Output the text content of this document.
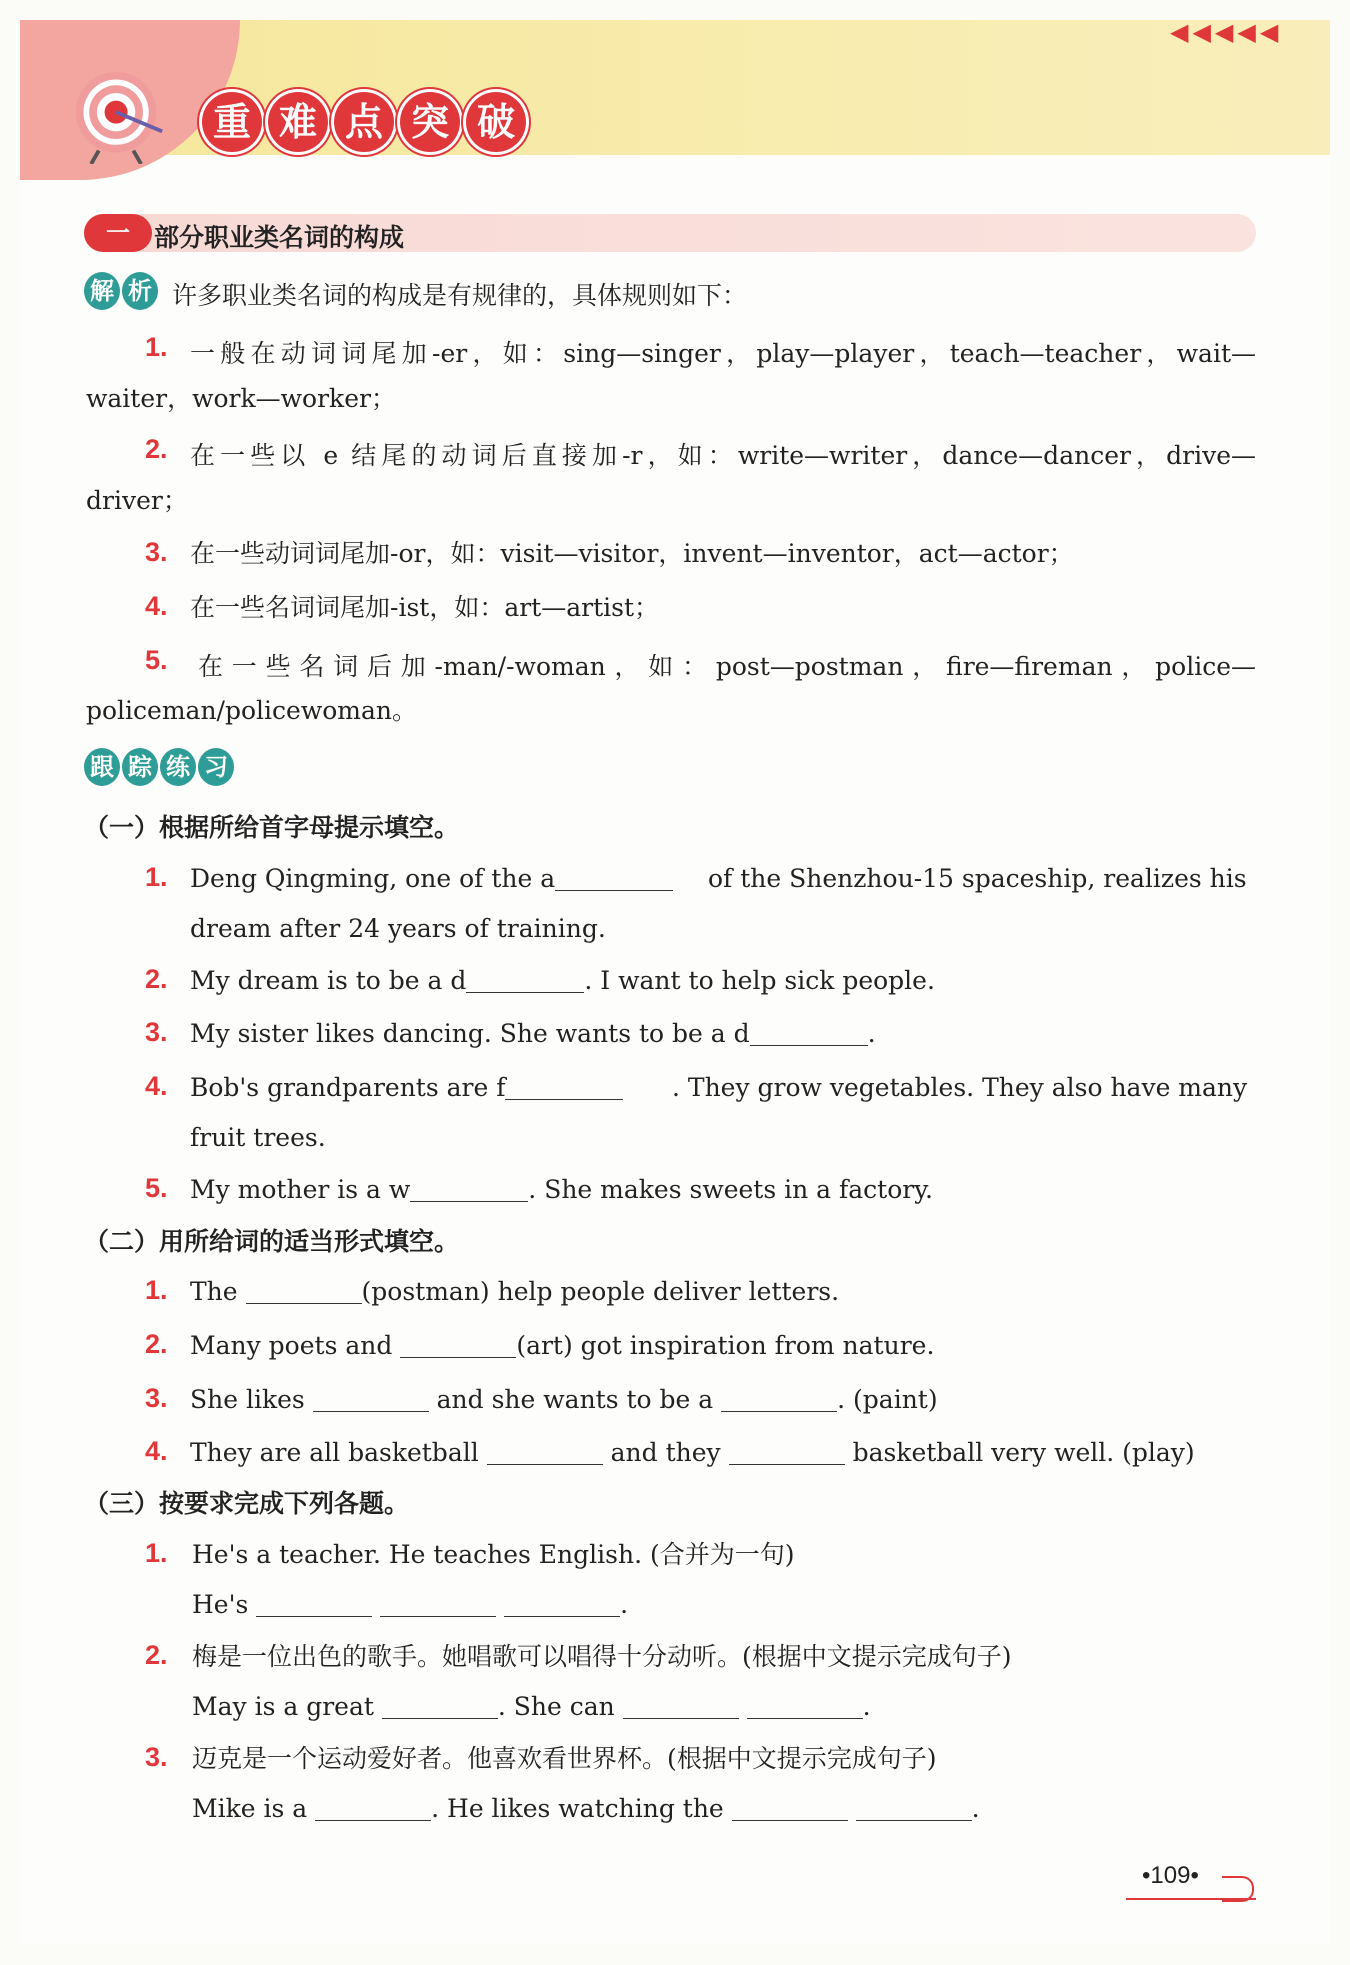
◀◀◀◀◀
重 难 点 突 破
一 部分职业类名词的构成
解 析 许多职业类名词的构成是有规律的，具体规则如下：
1. 一般在动词词尾加-er，如：sing—singer，play—player，teach—teacher，wait—
waiter，work—worker；
2. 在一些以 e 结尾的动词后直接加-r，如：write—writer，dance—dancer，drive—
driver；
3. 在一些动词词尾加-or，如：visit—visitor，invent—inventor，act—actor；
4. 在一些名词词尾加-ist，如：art—artist；
5. 在一些名词后加-man/-woman，如：post—postman，fire—fireman，police—
policeman/policewoman。
跟 踪 练 习
（一）根据所给首字母提示填空。
1. Deng Qingming, one of the a	of the Shenzhou-15 spaceship, realizes his
dream after 24 years of training.
2. My dream is to be a d	. I want to help sick people.
3. My sister likes dancing. She wants to be a d	.
4. Bob's grandparents are f	. They grow vegetables. They also have many
fruit trees.
5. My mother is a w	. She makes sweets in a factory.
（二）用所给词的适当形式填空。
1. The	(postman) help people deliver letters.
2. Many poets and	(art) got inspiration from nature.
3. She likes	and she wants to be a	. (paint)
4. They are all basketball	and they	basketball very well. (play)
（三）按要求完成下列各题。
1. He's a teacher. He teaches English. (合并为一句)
He's	.
2. 梅是一位出色的歌手。她唱歌可以唱得十分动听。(根据中文提示完成句子)
May is a great	. She can	.
3. 迈克是一个运动爱好者。他喜欢看世界杯。(根据中文提示完成句子)
Mike is a	. He likes watching the	.
•109•
